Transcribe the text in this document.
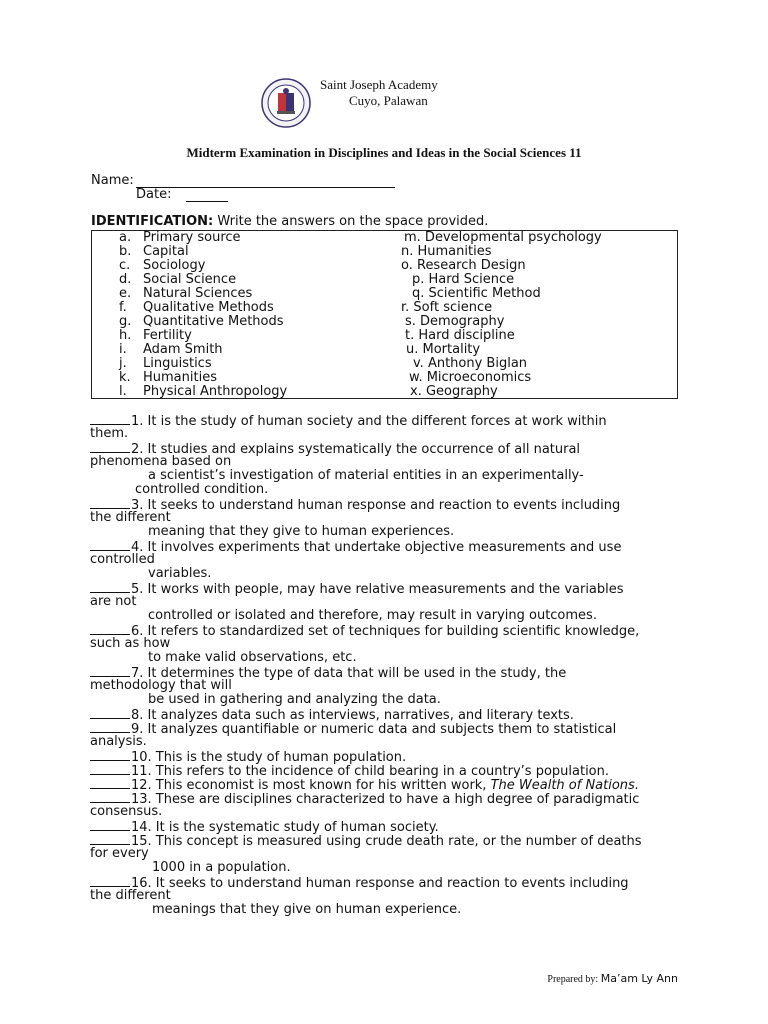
Saint Joseph Academy
Cuyo, Palawan
Midterm Examination in Disciplines and Ideas in the Social Sciences 11
Name:
Date:
IDENTIFICATION: Write the answers on the space provided.
a. Primary source
b. Capital
c. Sociology
d. Social Science
e. Natural Sciences
f. Qualitative Methods
g. Quantitative Methods
h. Fertility
i. Adam Smith
j. Linguistics
k. Humanities
l. Physical Anthropology
m. Developmental psychology
n. Humanities
o. Research Design
p. Hard Science
q. Scientific Method
r. Soft science
s. Demography
t. Hard discipline
u. Mortality
v. Anthony Biglan
w. Microeconomics
x. Geography
1. It is the study of human society and the different forces at work within
them.
2. It studies and explains systematically the occurrence of all natural
phenomena based on
a scientist’s investigation of material entities in an experimentally-
controlled condition.
3. It seeks to understand human response and reaction to events including
the different
meaning that they give to human experiences.
4. It involves experiments that undertake objective measurements and use
controlled
variables.
5. It works with people, may have relative measurements and the variables
are not
controlled or isolated and therefore, may result in varying outcomes.
6. It refers to standardized set of techniques for building scientific knowledge,
such as how
to make valid observations, etc.
7. It determines the type of data that will be used in the study, the
methodology that will
be used in gathering and analyzing the data.
8. It analyzes data such as interviews, narratives, and literary texts.
9. It analyzes quantifiable or numeric data and subjects them to statistical
analysis.
10. This is the study of human population.
11. This refers to the incidence of child bearing in a country’s population.
12. This economist is most known for his written work, The Wealth of Nations.
13. These are disciplines characterized to have a high degree of paradigmatic
consensus.
14. It is the systematic study of human society.
15. This concept is measured using crude death rate, or the number of deaths
for every
1000 in a population.
16. It seeks to understand human response and reaction to events including
the different
meanings that they give on human experience.
Prepared by: Ma’am Ly Ann
